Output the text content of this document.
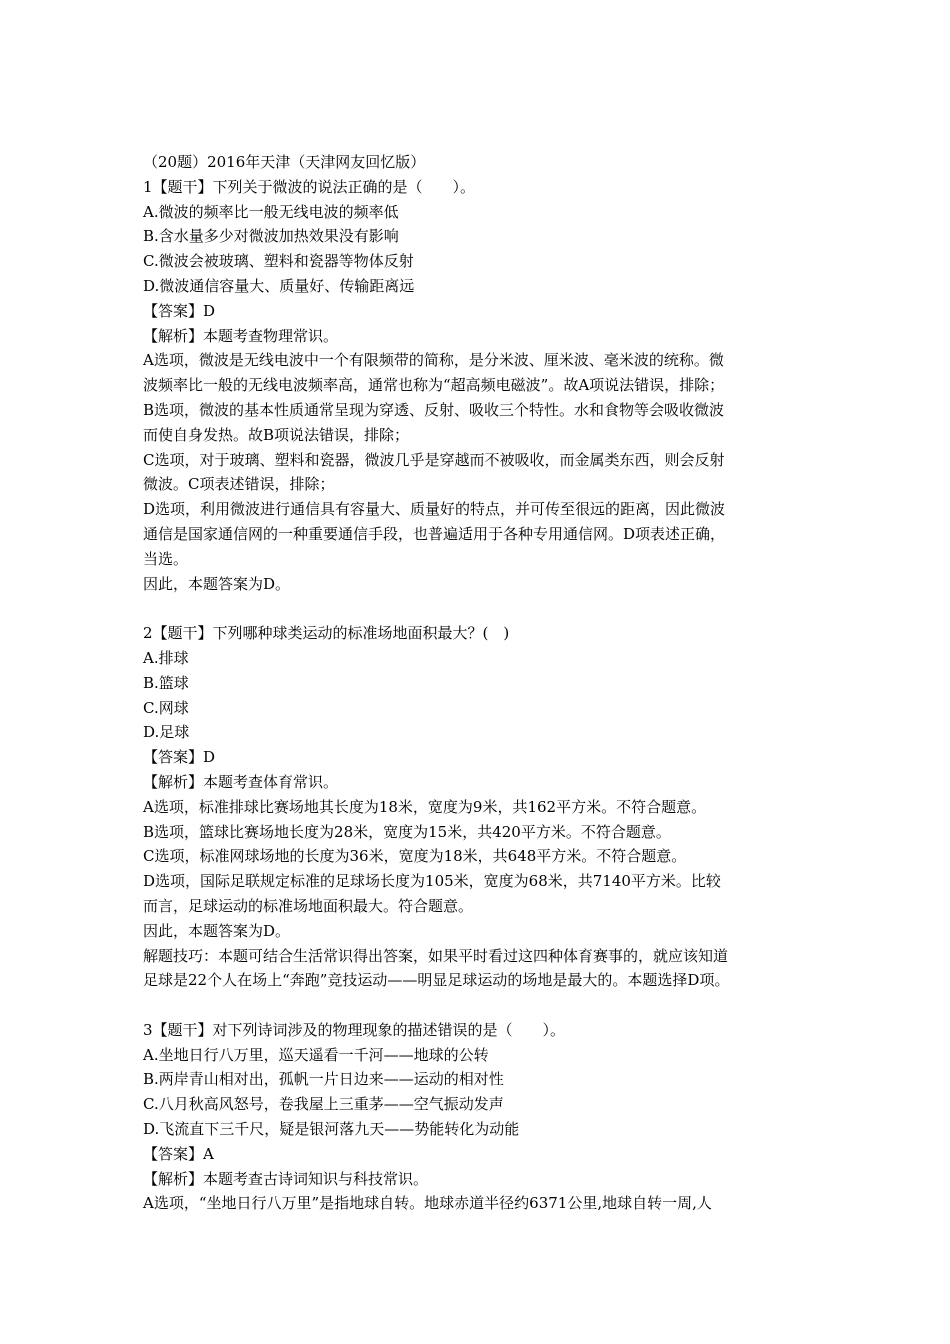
（20题）2016年天津（天津网友回忆版）
1【题干】下列关于微波的说法正确的是（　　）。
A.微波的频率比一般无线电波的频率低
B.含水量多少对微波加热效果没有影响
C.微波会被玻璃、塑料和瓷器等物体反射
D.微波通信容量大、质量好、传输距离远
【答案】D
【解析】本题考查物理常识。
A选项，微波是无线电波中一个有限频带的简称，是分米波、厘米波、毫米波的统称。微
波频率比一般的无线电波频率高，通常也称为“超高频电磁波”。故A项说法错误，排除；
B选项，微波的基本性质通常呈现为穿透、反射、吸收三个特性。水和食物等会吸收微波
而使自身发热。故B项说法错误，排除；
C选项，对于玻璃、塑料和瓷器，微波几乎是穿越而不被吸收，而金属类东西，则会反射
微波。C项表述错误，排除；
D选项，利用微波进行通信具有容量大、质量好的特点，并可传至很远的距离，因此微波
通信是国家通信网的一种重要通信手段，也普遍适用于各种专用通信网。D项表述正确，
当选。
因此，本题答案为D。
2【题干】下列哪种球类运动的标准场地面积最大？(　)
A.排球
B.篮球
C.网球
D.足球
【答案】D
【解析】本题考查体育常识。
A选项，标准排球比赛场地其长度为18米，宽度为9米，共162平方米。不符合题意。
B选项，篮球比赛场地长度为28米，宽度为15米，共420平方米。不符合题意。
C选项，标准网球场地的长度为36米，宽度为18米，共648平方米。不符合题意。
D选项，国际足联规定标准的足球场长度为105米，宽度为68米，共7140平方米。比较
而言，足球运动的标准场地面积最大。符合题意。
因此，本题答案为D。
解题技巧：本题可结合生活常识得出答案，如果平时看过这四种体育赛事的，就应该知道
足球是22个人在场上“奔跑”竞技运动——明显足球运动的场地是最大的。本题选择D项。
3【题干】对下列诗词涉及的物理现象的描述错误的是（　　）。
A.坐地日行八万里，巡天遥看一千河——地球的公转
B.两岸青山相对出，孤帆一片日边来——运动的相对性
C.八月秋高风怒号，卷我屋上三重茅——空气振动发声
D.飞流直下三千尺，疑是银河落九天——势能转化为动能
【答案】A
【解析】本题考查古诗词知识与科技常识。
A选项，“坐地日行八万里”是指地球自转。地球赤道半径约6371公里,地球自转一周,人
